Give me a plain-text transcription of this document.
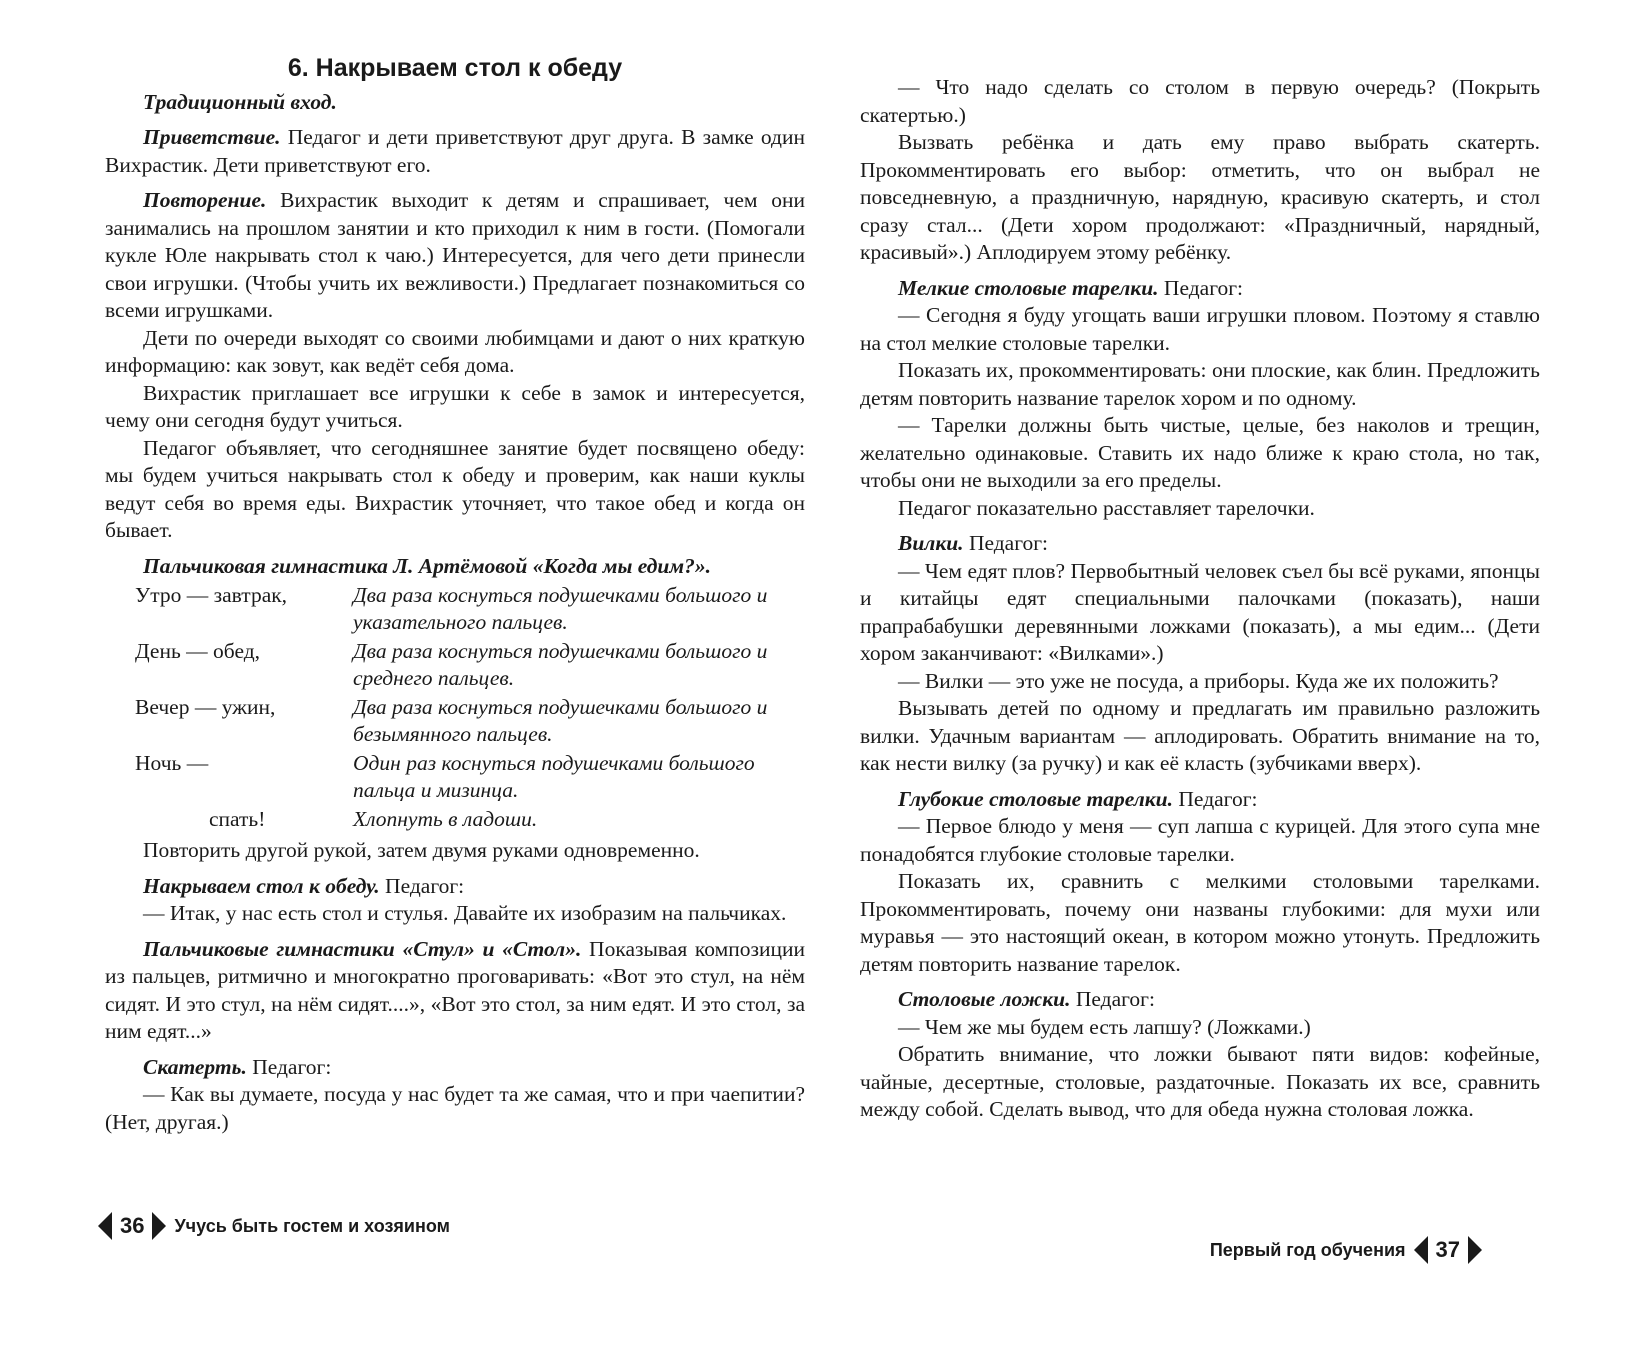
6. Накрываем стол к обеду

Традиционный вход.

Приветствие. Педагог и дети приветствуют друг друга. В замке один Вихрастик. Дети приветствуют его.

Повторение. Вихрастик выходит к детям и спрашивает, чем они занимались на прошлом занятии и кто приходил к ним в гости. (Помогали кукле Юле накрывать стол к чаю.) Интересуется, для чего дети принесли свои игрушки. (Чтобы учить их вежливости.) Предлагает познакомиться со всеми игрушками.

Дети по очереди выходят со своими любимцами и дают о них краткую информацию: как зовут, как ведёт себя дома.

Вихрастик приглашает все игрушки к себе в замок и интересуется, чему они сегодня будут учиться.

Педагог объявляет, что сегодняшнее занятие будет посвящено обеду: мы будем учиться накрывать стол к обеду и проверим, как наши куклы ведут себя во время еды. Вихрастик уточняет, что такое обед и когда он бывает.

Пальчиковая гимнастика Л. Артёмовой «Когда мы едим?».

Утро — завтрак,	Два раза коснуться подушечками большого и указательного пальцев.
День — обед,	Два раза коснуться подушечками большого и среднего пальцев.
Вечер — ужин,	Два раза коснуться подушечками большого и безымянного пальцев.
Ночь —	Один раз коснуться подушечками большого пальца и мизинца.
спать!	Хлопнуть в ладоши.

Повторить другой рукой, затем двумя руками одновременно.

Накрываем стол к обеду. Педагог:

— Итак, у нас есть стол и стулья. Давайте их изобразим на пальчиках.

Пальчиковые гимнастики «Стул» и «Стол». Показывая композиции из пальцев, ритмично и многократно проговаривать: «Вот это стул, на нём сидят. И это стул, на нём сидят....», «Вот это стол, за ним едят. И это стол, за ним едят...»

Скатерть. Педагог:

— Как вы думаете, посуда у нас будет та же самая, что и при чаепитии? (Нет, другая.)

36	Учусь быть гостем и хозяином

— Что надо сделать со столом в первую очередь? (Покрыть скатертью.)

Вызвать ребёнка и дать ему право выбрать скатерть. Прокомментировать его выбор: отметить, что он выбрал не повседневную, а праздничную, нарядную, красивую скатерть, и стол сразу стал... (Дети хором продолжают: «Праздничный, нарядный, красивый».) Аплодируем этому ребёнку.

Мелкие столовые тарелки. Педагог:

— Сегодня я буду угощать ваши игрушки пловом. Поэтому я ставлю на стол мелкие столовые тарелки.

Показать их, прокомментировать: они плоские, как блин. Предложить детям повторить название тарелок хором и по одному.

— Тарелки должны быть чистые, целые, без наколов и трещин, желательно одинаковые. Ставить их надо ближе к краю стола, но так, чтобы они не выходили за его пределы.

Педагог показательно расставляет тарелочки.

Вилки. Педагог:

— Чем едят плов? Первобытный человек съел бы всё руками, японцы и китайцы едят специальными палочками (показать), наши прапрабабушки деревянными ложками (показать), а мы едим... (Дети хором заканчивают: «Вилками».)

— Вилки — это уже не посуда, а приборы. Куда же их положить?

Вызывать детей по одному и предлагать им правильно разложить вилки. Удачным вариантам — аплодировать. Обратить внимание на то, как нести вилку (за ручку) и как её класть (зубчиками вверх).

Глубокие столовые тарелки. Педагог:

— Первое блюдо у меня — суп лапша с курицей. Для этого супа мне понадобятся глубокие столовые тарелки.

Показать их, сравнить с мелкими столовыми тарелками. Прокомментировать, почему они названы глубокими: для мухи или муравья — это настоящий океан, в котором можно утонуть. Предложить детям повторить название тарелок.

Столовые ложки. Педагог:

— Чем же мы будем есть лапшу? (Ложками.)

Обратить внимание, что ложки бывают пяти видов: кофейные, чайные, десертные, столовые, раздаточные. Показать их все, сравнить между собой. Сделать вывод, что для обеда нужна столовая ложка.

Первый год обучения	37
